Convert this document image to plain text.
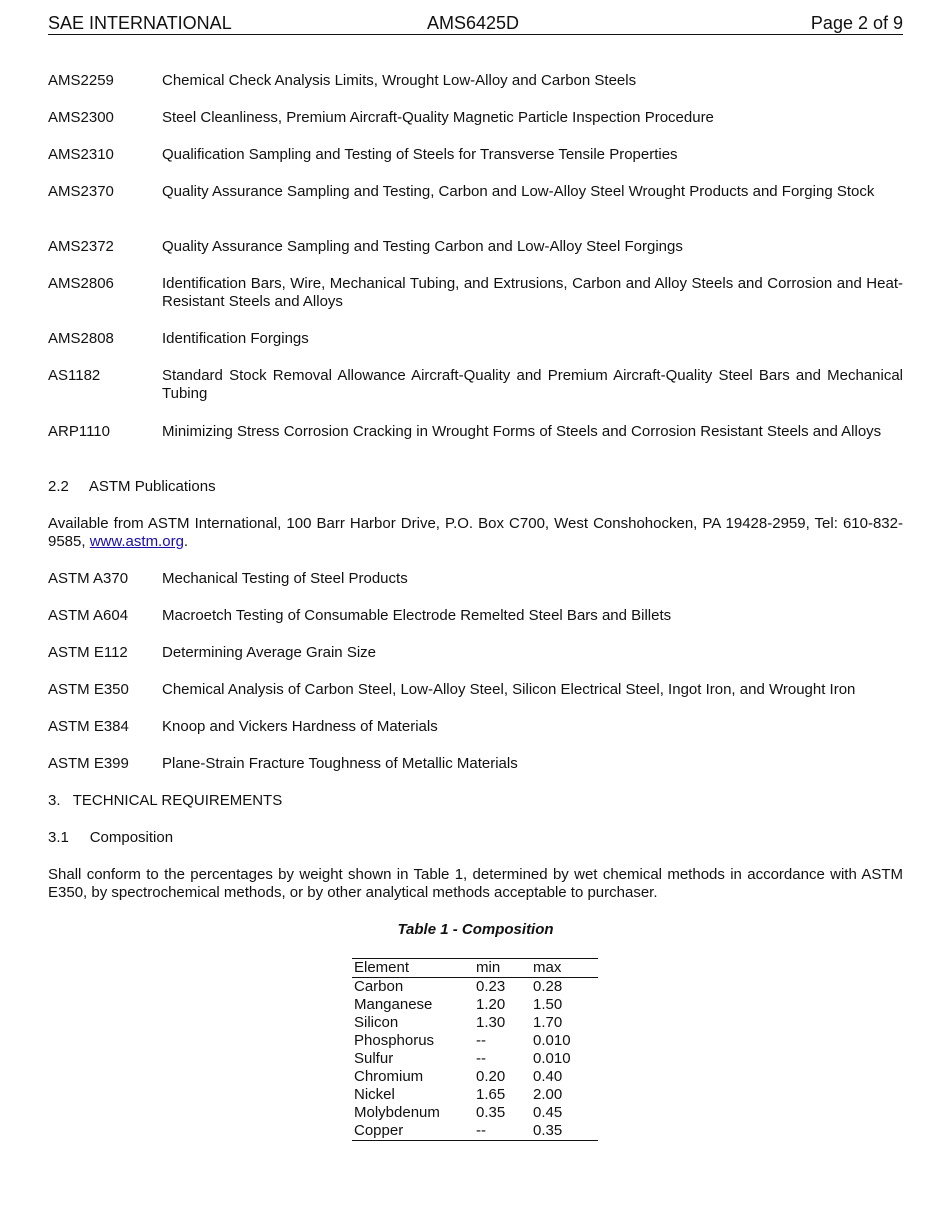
SAE INTERNATIONAL	AMS6425D	Page 2 of 9
AMS2259	Chemical Check Analysis Limits, Wrought Low-Alloy and Carbon Steels
AMS2300	Steel Cleanliness, Premium Aircraft-Quality Magnetic Particle Inspection Procedure
AMS2310	Qualification Sampling and Testing of Steels for Transverse Tensile Properties
AMS2370	Quality Assurance Sampling and Testing, Carbon and Low-Alloy Steel Wrought Products and Forging Stock
AMS2372	Quality Assurance Sampling and Testing Carbon and Low-Alloy Steel Forgings
AMS2806	Identification Bars, Wire, Mechanical Tubing, and Extrusions, Carbon and Alloy Steels and Corrosion and Heat-Resistant Steels and Alloys
AMS2808	Identification Forgings
AS1182	Standard Stock Removal Allowance Aircraft-Quality and Premium Aircraft-Quality Steel Bars and Mechanical Tubing
ARP1110	Minimizing Stress Corrosion Cracking in Wrought Forms of Steels and Corrosion Resistant Steels and Alloys
2.2     ASTM Publications
Available from ASTM International, 100 Barr Harbor Drive, P.O. Box C700, West Conshohocken, PA 19428-2959, Tel: 610-832-9585, www.astm.org.
ASTM A370 Mechanical Testing of Steel Products
ASTM A604 Macroetch Testing of Consumable Electrode Remelted Steel Bars and Billets
ASTM E112 Determining Average Grain Size
ASTM E350 Chemical Analysis of Carbon Steel, Low-Alloy Steel, Silicon Electrical Steel, Ingot Iron, and Wrought Iron
ASTM E384 Knoop and Vickers Hardness of Materials
ASTM E399 Plane-Strain Fracture Toughness of Metallic Materials
3.   TECHNICAL REQUIREMENTS
3.1     Composition
Shall conform to the percentages by weight shown in Table 1, determined by wet chemical methods in accordance with ASTM E350, by spectrochemical methods, or by other analytical methods acceptable to purchaser.
Table 1 - Composition
Element	min	max
Carbon	0.23	0.28
Manganese	1.20	1.50
Silicon	1.30	1.70
Phosphorus	--	0.010
Sulfur	--	0.010
Chromium	0.20	0.40
Nickel	1.65	2.00
Molybdenum	0.35	0.45
Copper	--	0.35
